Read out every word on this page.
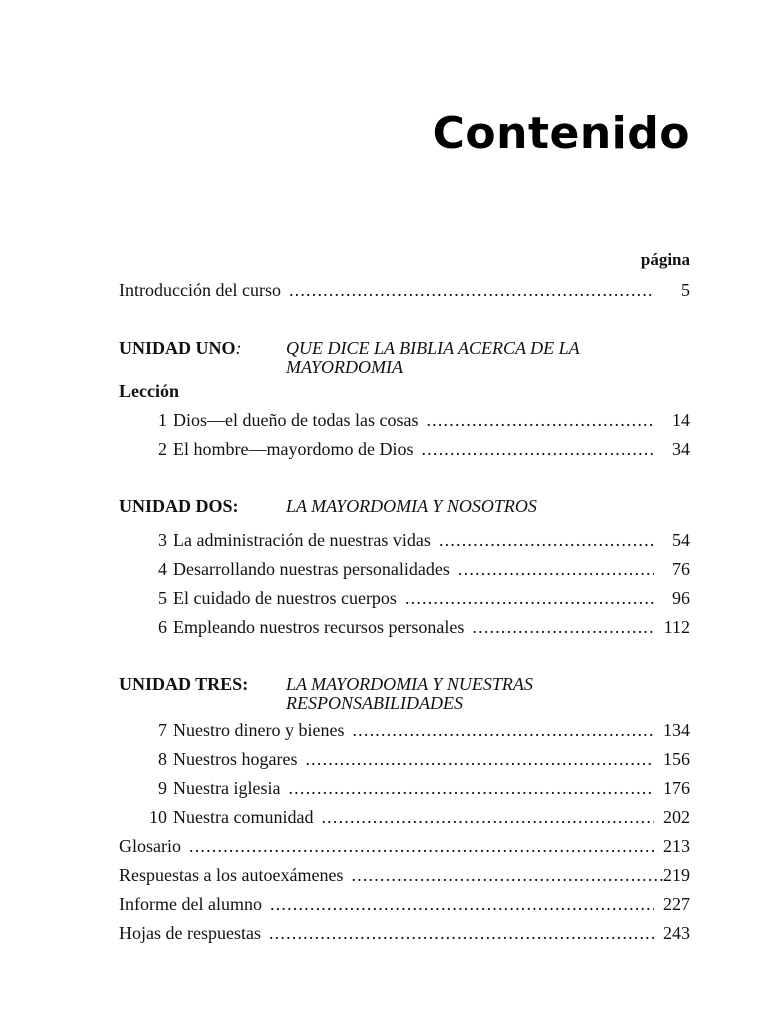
Contenido
página
Introducción del curso .....	5
UNIDAD UNO:	QUE DICE LA BIBLIA ACERCA DE LA
MAYORDOMIA
Lección
1 Dios—el dueño de todas las cosas .....	14
2 El hombre—mayordomo de Dios .....	34
UNIDAD DOS:	LA MAYORDOMIA Y NOSOTROS
3 La administración de nuestras vidas .....	54
4 Desarrollando nuestras personalidades .....	76
5 El cuidado de nuestros cuerpos .....	96
6 Empleando nuestros recursos personales .....	112
UNIDAD TRES:	LA MAYORDOMIA Y NUESTRAS
RESPONSABILIDADES
7 Nuestro dinero y bienes .....	134
8 Nuestros hogares .....	156
9 Nuestra iglesia .....	176
10 Nuestra comunidad .....	202
Glosario .....	213
Respuestas a los autoexámenes .....	219
Informe del alumno .....	227
Hojas de respuestas .....	243
